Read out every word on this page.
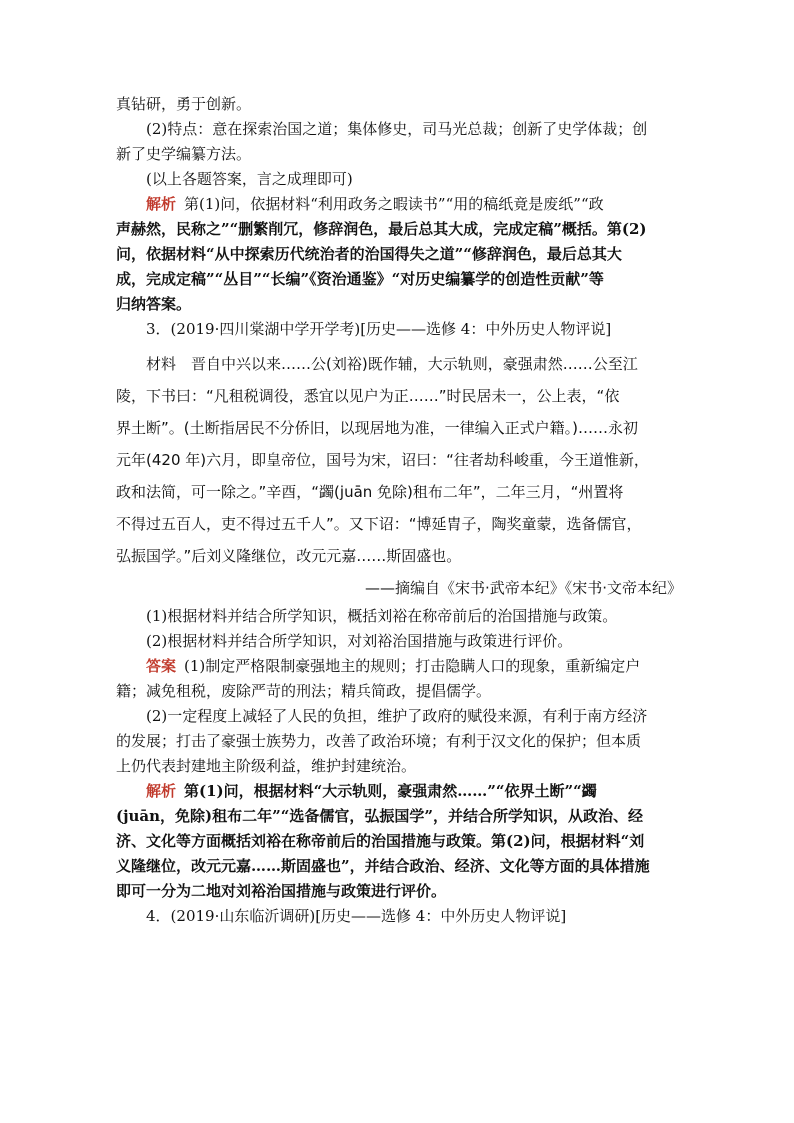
真钻研，勇于创新。
(2)特点：意在探索治国之道；集体修史，司马光总裁；创新了史学体裁；创
新了史学编纂方法。
(以上各题答案，言之成理即可)
解析 第(1)问，依据材料“利用政务之暇读书”“用的稿纸竟是废纸”“政
声赫然，民称之”“删繁削冗，修辞润色，最后总其大成，完成定稿”概括。第(2)
问，依据材料“从中探索历代统治者的治国得失之道”“修辞润色，最后总其大
成，完成定稿”“丛目”“长编”《资治通鉴》“对历史编纂学的创造性贡献”等
归纳答案。
3．(2019·四川棠湖中学开学考)[历史——选修 4：中外历史人物评说]
材料　晋自中兴以来……公(刘裕)既作辅，大示轨则，豪强肃然……公至江
陵，下书曰：“凡租税调役，悉宜以见户为正……”时民居未一，公上表，“依
界土断”。(土断指居民不分侨旧，以现居地为准，一律编入正式户籍。)……永初
元年(420 年)六月，即皇帝位，国号为宋，诏曰：“往者劫科峻重，今王道惟新，
政和法简，可一除之。”辛酉，“蠲(juān 免除)租布二年”，二年三月，“州置将
不得过五百人，吏不得过五千人”。又下诏：“博延胄子，陶奖童蒙，选备儒官，
弘振国学。”后刘义隆继位，改元元嘉……斯固盛也。
——摘编自《宋书·武帝本纪》《宋书·文帝本纪》
(1)根据材料并结合所学知识，概括刘裕在称帝前后的治国措施与政策。
(2)根据材料并结合所学知识，对刘裕治国措施与政策进行评价。
答案 (1)制定严格限制豪强地主的规则；打击隐瞒人口的现象，重新编定户
籍；减免租税，废除严苛的刑法；精兵简政，提倡儒学。
(2)一定程度上减轻了人民的负担，维护了政府的赋役来源，有利于南方经济
的发展；打击了豪强士族势力，改善了政治环境；有利于汉文化的保护；但本质
上仍代表封建地主阶级利益，维护封建统治。
解析 第(1)问，根据材料“大示轨则，豪强肃然……”“依界土断”“蠲
(juān，免除)租布二年”“选备儒官，弘振国学”，并结合所学知识，从政治、经
济、文化等方面概括刘裕在称帝前后的治国措施与政策。第(2)问，根据材料“刘
义隆继位，改元元嘉……斯固盛也”，并结合政治、经济、文化等方面的具体措施
即可一分为二地对刘裕治国措施与政策进行评价。
4．(2019·山东临沂调研)[历史——选修 4：中外历史人物评说]
